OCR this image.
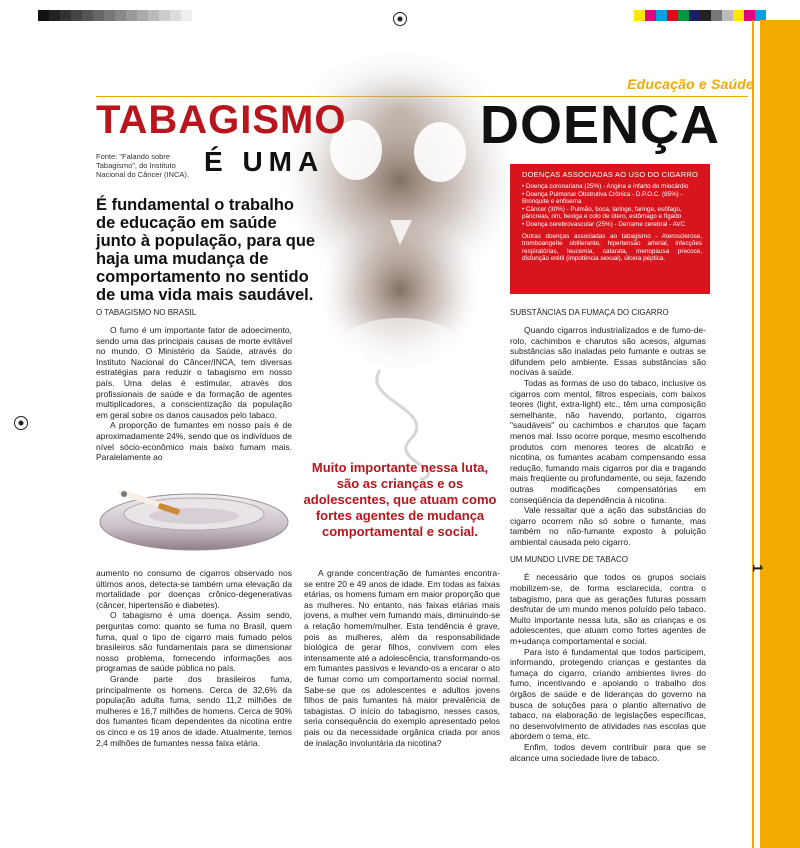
1
Educação e Saúde
TABAGISMO DOENÇA
É UMA
Fonte: "Falando sobre Tabagismo", do Instituto Nacional do Câncer (INCA).
É fundamental o trabalho de educação em saúde junto à população, para que haja uma mudança de comportamento no sentido de uma vida mais saudável.
DOENÇAS ASSOCIADAS AO USO DO CIGARRO
• Doença coronariana (25%) - Angina e infarto do miocárdio
• Doença Pulmonar Obstrutiva Crônica - D.P.O.C. (85%) - Bronquite e enfisema
• Câncer (30%) - Pulmão, boca, laringe, faringe, esôfago, pâncreas, rim, bexiga e colo de útero, estômago e fígado
• Doença cerebrovascular (25%) - Derrame cerebral - AVC
Outras doenças associadas ao tabagismo - Aterosclerose, tromboangeíte obliterante, hipertensão arterial, infecções respiratórias, leucemia, catarata, menopausa precoce, disfunção erétil (impotência sexual), úlcera péptica.
O TABAGISMO NO BRASIL

O fumo é um importante fator de adoecimento, sendo uma das principais causas de morte evitável no mundo. O Ministério da Saúde, através do Instituto Nacional do Câncer/INCA, tem diversas estratégias para reduzir o tabagismo em nosso país. Uma delas é estimular, através dos profissionais de saúde e da formação de agentes multiplicadores, a conscientização da população em geral sobre os danos causados pelo tabaco.

A proporção de fumantes em nosso país é de aproximadamente 24%, sendo que os indivíduos de nível sócio-econômico mais baixo fumam mais. Paralelamente ao

aumento no consumo de cigarros observado nos últimos anos, detecta-se também uma elevação da mortalidade por doenças crônico-degenerativas (câncer, hipertensão e diabetes).

O tabagismo é uma doença. Assim sendo, perguntas como: quanto se fuma no Brasil, quem fuma, qual o tipo de cigarro mais fumado pelos brasileiros são fundamentais para se dimensionar nosso problema, fornecendo informações aos programas de saúde pública no país.

Grande parte dos brasileiros fuma, principalmente os homens. Cerca de 32,6% da população adulta fuma, sendo 11,2 milhões de mulheres e 16,7 milhões de homens. Cerca de 90% dos fumantes ficam dependentes da nicotina entre os cinco e os 19 anos de idade. Atualmente, temos 2,4 milhões de fumantes nessa faixa etária.

Muito importante nessa luta, são as crianças e os adolescentes, que atuam como fortes agentes de mudança comportamental e social.

A grande concentração de fumantes encontra-se entre 20 e 49 anos de idade. Em todas as faixas etárias, os homens fumam em maior proporção que as mulheres. No entanto, nas faixas etárias mais jovens, a mulher vem fumando mais, diminuindo-se a relação homem/mulher. Esta tendência é grave, pois as mulheres, além da responsabilidade biológica de gerar filhos, convivem com eles intensamente até a adolescência, transformando-os em fumantes passivos e levando-os a encarar o ato de fumar como um comportamento social normal. Sabe-se que os adolescentes e adultos jovens filhos de pais fumantes há maior prevalência de tabagistas. O início do tabagismo, nesses casos, seria consequência do exemplo apresentado pelos pais ou da necessidade orgânica criada por anos de inalação involuntária da nicotina?

SUBSTÂNCIAS DA FUMAÇA DO CIGARRO

Quando cigarros industrializados e de fumo-de-rolo, cachimbos e charutos são acesos, algumas substâncias são inaladas pelo fumante e outras se difundem pelo ambiente. Essas substâncias são nocivas à saúde.

Todas as formas de uso do tabaco, inclusive os cigarros com mentol, filtros especiais, com baixos teores (light, extra-light) etc., têm uma composição semelhante, não havendo, portanto, cigarros "saudáveis" ou cachimbos e charutos que façam menos mal. Isso ocorre porque, mesmo escolhendo produtos com menores teores de alcatrão e nicotina, os fumantes acabam compensando essa redução, fumando mais cigarros por dia e tragando mais freqüente ou profundamente, ou seja, fazendo outras modificações compensatórias em conseqüência da dependência à nicotina.

Vale ressaltar que a ação das substâncias do cigarro ocorrem não só sobre o fumante, mas também no não-fumante exposto à poluição ambiental causada pelo cigarro.

UM MUNDO LIVRE DE TABACO

É necessário que todos os grupos sociais mobilizem-se, de forma esclarecida, contra o tabagismo, para que as gerações futuras possam desfrutar de um mundo menos poluído pelo tabaco. Muito importante nessa luta, são as crianças e os adolescentes, que atuam como fortes agentes de m+udança comportamental e social.

Para isto é fundamental que todos participem, informando, protegendo crianças e gestantes da fumaça do cigarro, criando ambientes livres do fumo, incentivando e apoiando o trabalho dos órgãos de saúde e de lideranças do governo na busca de soluções para o plantio alternativo de tabaco, na elaboração de legislações específicas, no desenvolvimento de atividades nas escolas que abordem o tema, etc.

Enfim, todos devem contribuir para que se alcance uma sociedade livre de tabaco.
